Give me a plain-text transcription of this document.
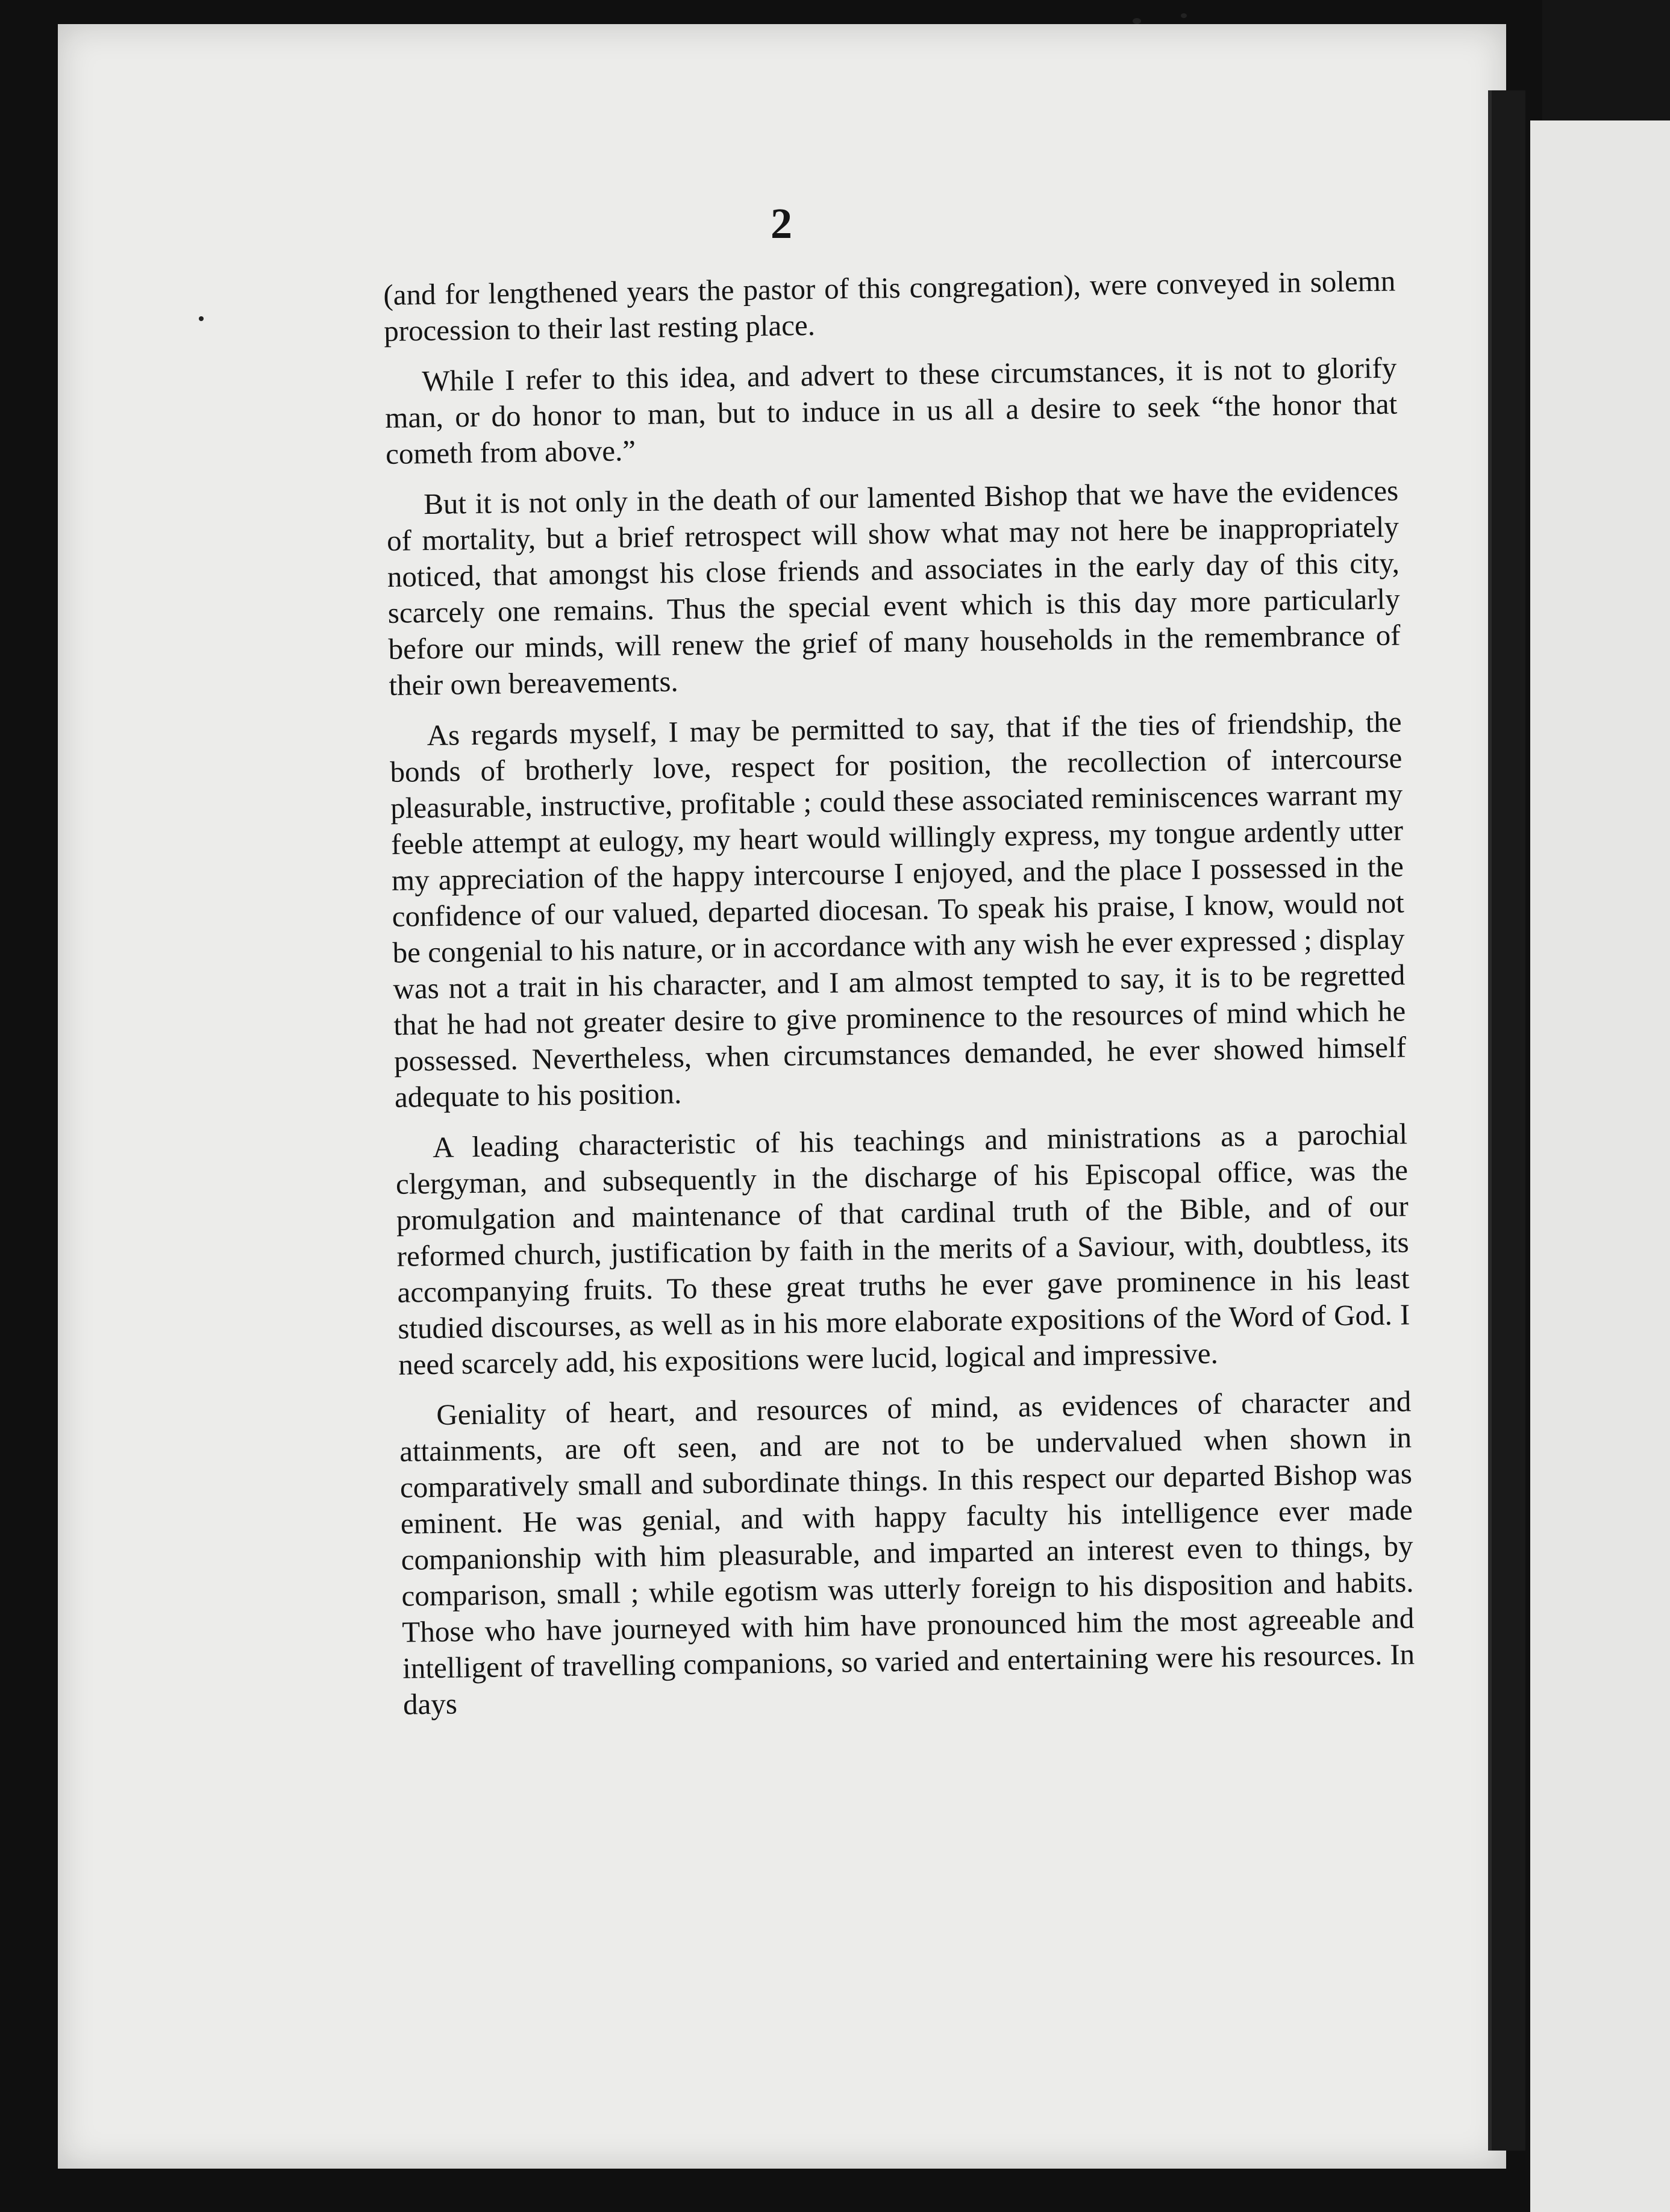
2

(and for lengthened years the pastor of this congregation), were conveyed in solemn procession to their last resting place.

While I refer to this idea, and advert to these circumstances, it is not to glorify man, or do honor to man, but to induce in us all a desire to seek “the honor that cometh from above.”

But it is not only in the death of our lamented Bishop that we have the evidences of mortality, but a brief retrospect will show what may not here be inappropriately noticed, that amongst his close friends and associates in the early day of this city, scarcely one remains. Thus the special event which is this day more particularly before our minds, will renew the grief of many households in the remembrance of their own bereavements.

As regards myself, I may be permitted to say, that if the ties of friendship, the bonds of brotherly love, respect for position, the recollection of intercourse pleasurable, instructive, profitable ; could these associated reminiscences warrant my feeble attempt at eulogy, my heart would willingly express, my tongue ardently utter my appreciation of the happy intercourse I enjoyed, and the place I possessed in the confidence of our valued, departed diocesan. To speak his praise, I know, would not be congenial to his nature, or in accordance with any wish he ever expressed ; display was not a trait in his character, and I am almost tempted to say, it is to be regretted that he had not greater desire to give prominence to the resources of mind which he possessed. Nevertheless, when circumstances demanded, he ever showed himself adequate to his position.

A leading characteristic of his teachings and ministrations as a parochial clergyman, and subsequently in the discharge of his Episcopal office, was the promulgation and maintenance of that cardinal truth of the Bible, and of our reformed church, justification by faith in the merits of a Saviour, with, doubtless, its accompanying fruits. To these great truths he ever gave prominence in his least studied discourses, as well as in his more elaborate expositions of the Word of God. I need scarcely add, his expositions were lucid, logical and impressive.

Geniality of heart, and resources of mind, as evidences of character and attainments, are oft seen, and are not to be undervalued when shown in comparatively small and subordinate things. In this respect our departed Bishop was eminent. He was genial, and with happy faculty his intelligence ever made companionship with him pleasurable, and imparted an interest even to things, by comparison, small ; while egotism was utterly foreign to his disposition and habits. Those who have journeyed with him have pronounced him the most agreeable and intelligent of travelling companions, so varied and entertaining were his resources. In days
